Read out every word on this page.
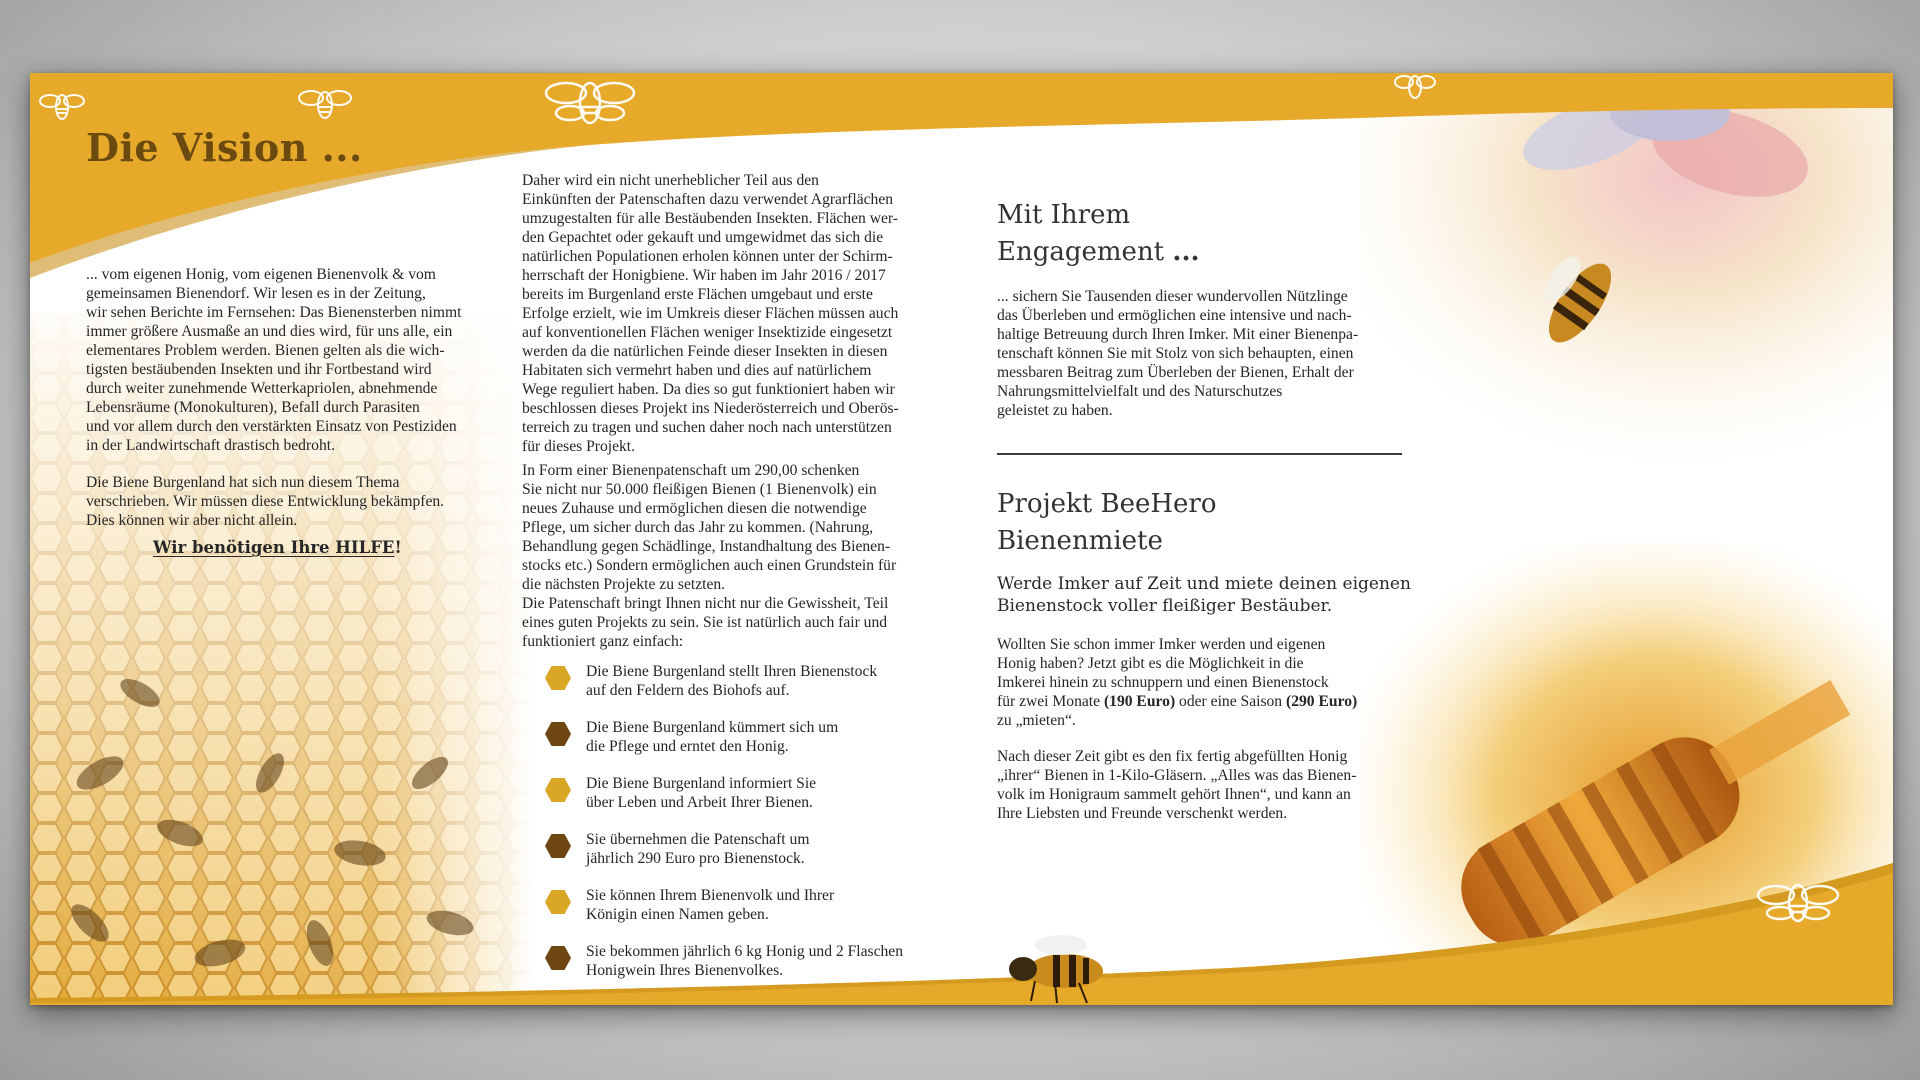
Die Vision ...

... vom eigenen Honig, vom eigenen Bienenvolk & vom
gemeinsamen Bienendorf. Wir lesen es in der Zeitung,
wir sehen Berichte im Fernsehen: Das Bienensterben nimmt
immer größere Ausmaße an und dies wird, für uns alle, ein
elementares Problem werden. Bienen gelten als die wich-
tigsten bestäubenden Insekten und ihr Fortbestand wird
durch weiter zunehmende Wetterkapriolen, abnehmende
Lebensräume (Monokulturen), Befall durch Parasiten
und vor allem durch den verstärkten Einsatz von Pestiziden
in der Landwirtschaft drastisch bedroht.

Die Biene Burgenland hat sich nun diesem Thema
verschrieben. Wir müssen diese Entwicklung bekämpfen.
Dies können wir aber nicht allein.

Wir benötigen Ihre HILFE!

Daher wird ein nicht unerheblicher Teil aus den
Einkünften der Patenschaften dazu verwendet Agrarflächen
umzugestalten für alle Bestäubenden Insekten. Flächen wer-
den Gepachtet oder gekauft und umgewidmet das sich die
natürlichen Populationen erholen können unter der Schirm-
herrschaft der Honigbiene. Wir haben im Jahr 2016 / 2017
bereits im Burgenland erste Flächen umgebaut und erste
Erfolge erzielt, wie im Umkreis dieser Flächen müssen auch
auf konventionellen Flächen weniger Insektizide eingesetzt
werden da die natürlichen Feinde dieser Insekten in diesen
Habitaten sich vermehrt haben und dies auf natürlichem
Wege reguliert haben. Da dies so gut funktioniert haben wir
beschlossen dieses Projekt ins Niederösterreich und Oberös-
terreich zu tragen und suchen daher noch nach unterstützen
für dieses Projekt.

In Form einer Bienenpatenschaft um 290,00 schenken
Sie nicht nur 50.000 fleißigen Bienen (1 Bienenvolk) ein
neues Zuhause und ermöglichen diesen die notwendige
Pflege, um sicher durch das Jahr zu kommen. (Nahrung,
Behandlung gegen Schädlinge, Instandhaltung des Bienen-
stocks etc.) Sondern ermöglichen auch einen Grundstein für
die nächsten Projekte zu setzten.
Die Patenschaft bringt Ihnen nicht nur die Gewissheit, Teil
eines guten Projekts zu sein. Sie ist natürlich auch fair und
funktioniert ganz einfach:

Die Biene Burgenland stellt Ihren Bienenstock
auf den Feldern des Biohofs auf.
Die Biene Burgenland kümmert sich um
die Pflege und erntet den Honig.
Die Biene Burgenland informiert Sie
über Leben und Arbeit Ihrer Bienen.
Sie übernehmen die Patenschaft um
jährlich 290 Euro pro Bienenstock.
Sie können Ihrem Bienenvolk und Ihrer
Königin einen Namen geben.
Sie bekommen jährlich 6 kg Honig und 2 Flaschen
Honigwein Ihres Bienenvolkes.
Mit Ihrem
Engagement ...

... sichern Sie Tausenden dieser wundervollen Nützlinge
das Überleben und ermöglichen eine intensive und nach-
haltige Betreuung durch Ihren Imker. Mit einer Bienenpa-
tenschaft können Sie mit Stolz von sich behaupten, einen
messbaren Beitrag zum Überleben der Bienen, Erhalt der
Nahrungsmittelvielfalt und des Naturschutzes
geleistet zu haben.

Projekt BeeHero
Bienenmiete

Werde Imker auf Zeit und miete deinen eigenen
Bienenstock voller fleißiger Bestäuber.

Wollten Sie schon immer Imker werden und eigenen
Honig haben? Jetzt gibt es die Möglichkeit in die
Imkerei hinein zu schnuppern und einen Bienenstock
für zwei Monate (190 Euro) oder eine Saison (290 Euro)
zu „mieten“.

Nach dieser Zeit gibt es den fix fertig abgefüllten Honig
„ihrer“ Bienen in 1-Kilo-Gläsern. „Alles was das Bienen-
volk im Honigraum sammelt gehört Ihnen“, und kann an
Ihre Liebsten und Freunde verschenkt werden.
